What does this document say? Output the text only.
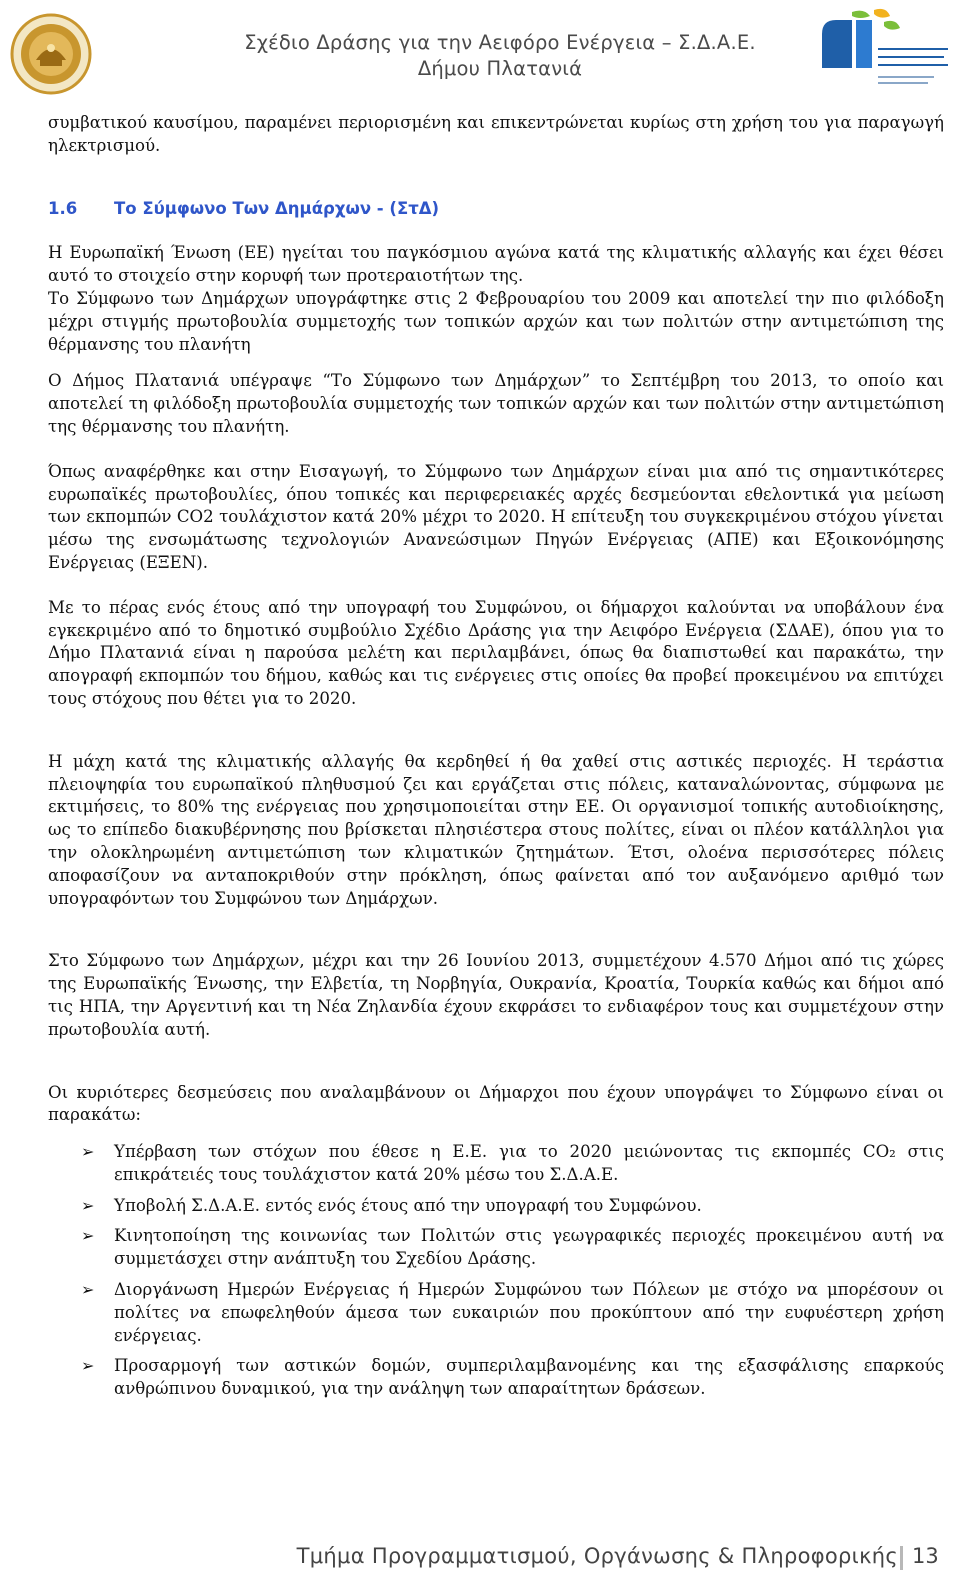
Σχέδιο Δράσης για την Αειφόρο Ενέργεια – Σ.Δ.Α.Ε. Δήμου Πλατανιά

συμβατικού καυσίμου, παραμένει περιορισμένη και επικεντρώνεται κυρίως στη χρήση του για παραγωγή ηλεκτρισμού.

1.6	Το Σύμφωνο Των Δημάρχων - (ΣτΔ)

Η Ευρωπαϊκή Ένωση (ΕΕ) ηγείται του παγκόσμιου αγώνα κατά της κλιματικής αλλαγής και έχει θέσει αυτό το στοιχείο στην κορυφή των προτεραιοτήτων της.

Το Σύμφωνο των Δημάρχων υπογράφτηκε στις 2 Φεβρουαρίου του 2009 και αποτελεί την πιο φιλόδοξη μέχρι στιγμής πρωτοβουλία συμμετοχής των τοπικών αρχών και των πολιτών στην αντιμετώπιση της θέρμανσης του πλανήτη

Ο Δήμος Πλατανιά υπέγραψε “Το Σύμφωνο των Δημάρχων” το Σεπτέμβρη του 2013, το οποίο και αποτελεί τη φιλόδοξη πρωτοβουλία συμμετοχής των τοπικών αρχών και των πολιτών στην αντιμετώπιση της θέρμανσης του πλανήτη.

Όπως αναφέρθηκε και στην Εισαγωγή, το Σύμφωνο των Δημάρχων είναι μια από τις σημαντικότερες ευρωπαϊκές πρωτοβουλίες, όπου τοπικές και περιφερειακές αρχές δεσμεύονται εθελοντικά για μείωση των εκπομπών CO2 τουλάχιστον κατά 20% μέχρι το 2020. Η επίτευξη του συγκεκριμένου στόχου γίνεται μέσω της ενσωμάτωσης τεχνολογιών Ανανεώσιμων Πηγών Ενέργειας (ΑΠΕ) και Εξοικονόμησης Ενέργειας (ΕΞΕΝ).

Με το πέρας ενός έτους από την υπογραφή του Συμφώνου, οι δήμαρχοι καλούνται να υποβάλουν ένα εγκεκριμένο από το δημοτικό συμβούλιο Σχέδιο Δράσης για την Αειφόρο Ενέργεια (ΣΔΑΕ), όπου για το Δήμο Πλατανιά είναι η παρούσα μελέτη και περιλαμβάνει, όπως θα διαπιστωθεί και παρακάτω, την απογραφή εκπομπών του δήμου, καθώς και τις ενέργειες στις οποίες θα προβεί προκειμένου να επιτύχει τους στόχους που θέτει για το 2020.

Η μάχη κατά της κλιματικής αλλαγής θα κερδηθεί ή θα χαθεί στις αστικές περιοχές. Η τεράστια πλειοψηφία του ευρωπαϊκού πληθυσμού ζει και εργάζεται στις πόλεις, καταναλώνοντας, σύμφωνα με εκτιμήσεις, το 80% της ενέργειας που χρησιμοποιείται στην ΕΕ. Οι οργανισμοί τοπικής αυτοδιοίκησης, ως το επίπεδο διακυβέρνησης που βρίσκεται πλησιέστερα στους πολίτες, είναι οι πλέον κατάλληλοι για την ολοκληρωμένη αντιμετώπιση των κλιματικών ζητημάτων. Έτσι, ολοένα περισσότερες πόλεις αποφασίζουν να ανταποκριθούν στην πρόκληση, όπως φαίνεται από τον αυξανόμενο αριθμό των υπογραφόντων του Συμφώνου των Δημάρχων.

Στο Σύμφωνο των Δημάρχων, μέχρι και την 26 Ιουνίου 2013, συμμετέχουν 4.570 Δήμοι από τις χώρες της Ευρωπαϊκής Ένωσης, την Ελβετία, τη Νορβηγία, Ουκρανία, Κροατία, Τουρκία καθώς και δήμοι από τις ΗΠΑ, την Αργεντινή και τη Νέα Ζηλανδία έχουν εκφράσει το ενδιαφέρον τους και συμμετέχουν στην πρωτοβουλία αυτή.

Οι κυριότερες δεσμεύσεις που αναλαμβάνουν οι Δήμαρχοι που έχουν υπογράψει το Σύμφωνο είναι οι παρακάτω:

➢ Υπέρβαση των στόχων που έθεσε η Ε.Ε. για το 2020 μειώνοντας τις εκπομπές CO₂ στις επικράτειές τους τουλάχιστον κατά 20% μέσω του Σ.Δ.Α.Ε.
➢ Υποβολή Σ.Δ.Α.Ε. εντός ενός έτους από την υπογραφή του Συμφώνου.
➢ Κινητοποίηση της κοινωνίας των Πολιτών στις γεωγραφικές περιοχές προκειμένου αυτή να συμμετάσχει στην ανάπτυξη του Σχεδίου Δράσης.
➢ Διοργάνωση Ημερών Ενέργειας ή Ημερών Συμφώνου των Πόλεων με στόχο να μπορέσουν οι πολίτες να επωφεληθούν άμεσα των ευκαιριών που προκύπτουν από την ευφυέστερη χρήση ενέργειας.
➢ Προσαρμογή των αστικών δομών, συμπεριλαμβανομένης και της εξασφάλισης επαρκούς ανθρώπινου δυναμικού, για την ανάληψη των απαραίτητων δράσεων.
Τμήμα Προγραμματισμού, Οργάνωσης & Πληροφορικής 13
